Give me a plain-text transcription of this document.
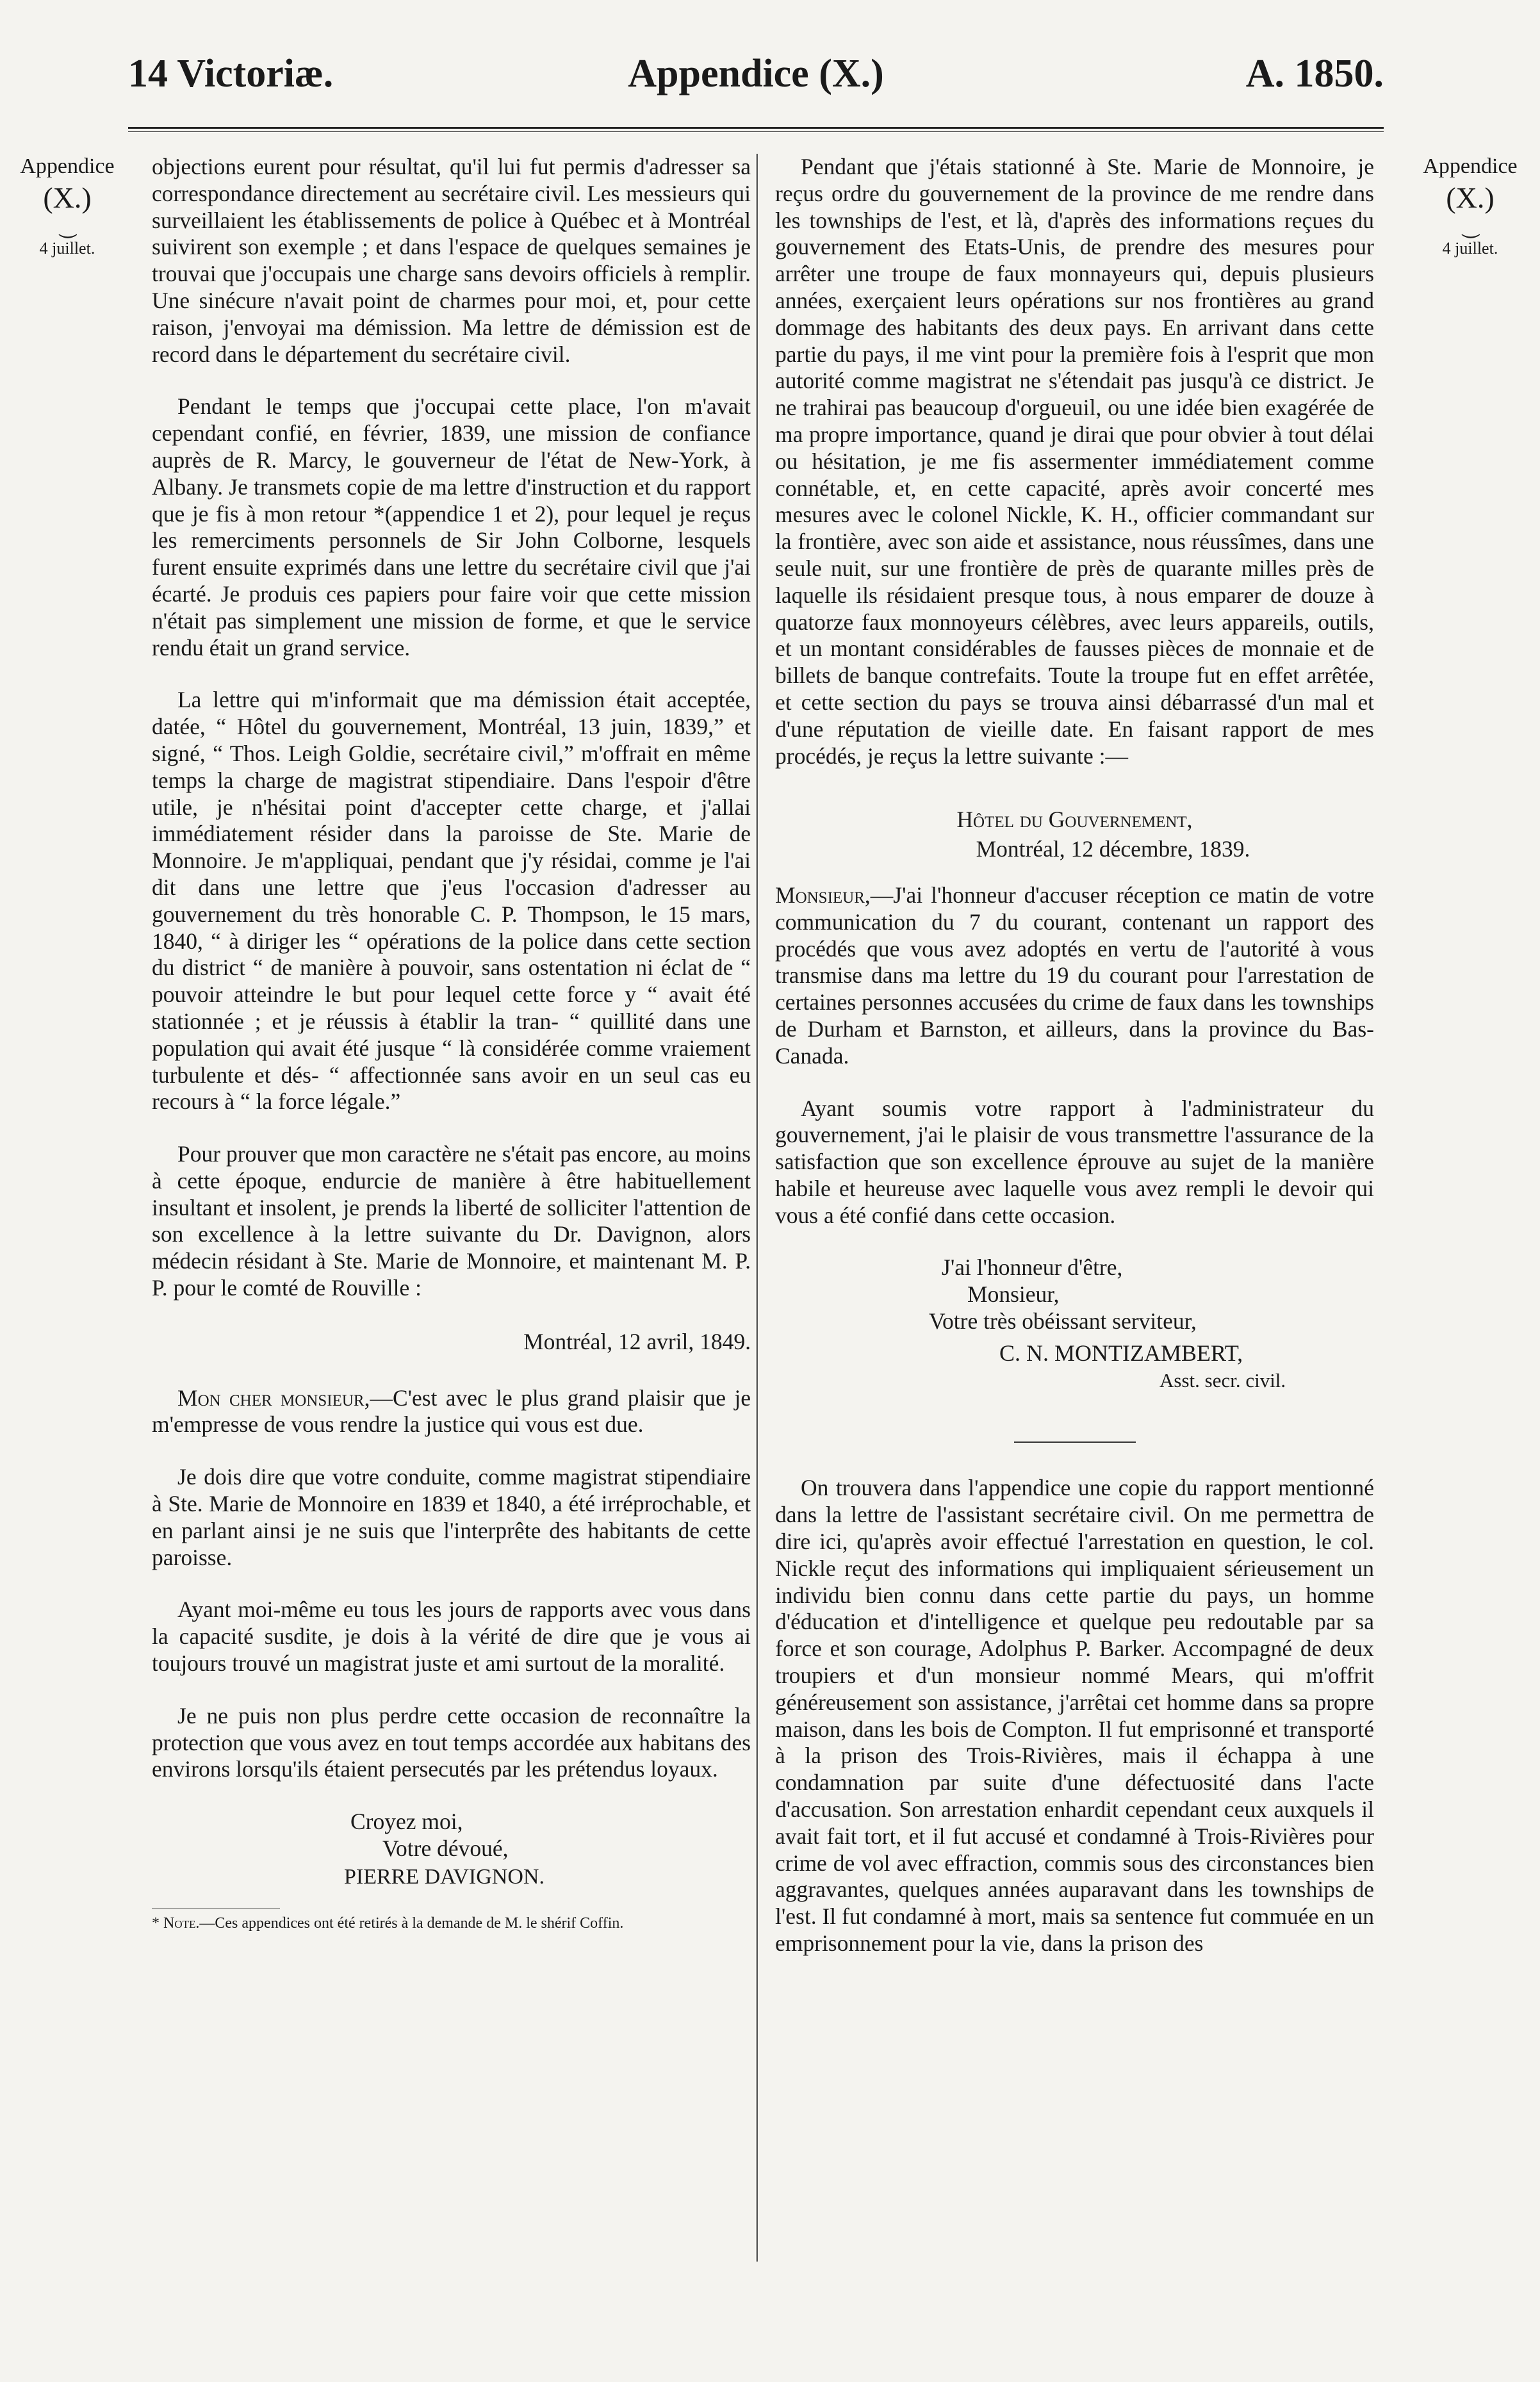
14 Victoriæ.	Appendice (X.)	A. 1850.
Appendice
(X.)
⏝
4 juillet.
Appendice
(X.)
⏝
4 juillet.

objections eurent pour résultat, qu'il lui fut permis d'adresser sa correspondance directement au secrétaire civil. Les messieurs qui surveillaient les établissements de police à Québec et à Montréal suivirent son exemple ; et dans l'espace de quelques semaines je trouvai que j'occupais une charge sans devoirs officiels à remplir. Une sinécure n'avait point de charmes pour moi, et, pour cette raison, j'envoyai ma démission. Ma lettre de démission est de record dans le département du secrétaire civil.

Pendant le temps que j'occupai cette place, l'on m'avait cependant confié, en février, 1839, une mission de confiance auprès de R. Marcy, le gouverneur de l'état de New-York, à Albany. Je transmets copie de ma lettre d'instruction et du rapport que je fis à mon retour *(appendice 1 et 2), pour lequel je reçus les remerciments personnels de Sir John Colborne, lesquels furent ensuite exprimés dans une lettre du secrétaire civil que j'ai écarté. Je produis ces papiers pour faire voir que cette mission n'était pas simplement une mission de forme, et que le service rendu était un grand service.

La lettre qui m'informait que ma démission était acceptée, datée, “ Hôtel du gouvernement, Montréal, 13 juin, 1839,” et signé, “ Thos. Leigh Goldie, secrétaire civil,” m'offrait en même temps la charge de magistrat stipendiaire. Dans l'espoir d'être utile, je n'hésitai point d'accepter cette charge, et j'allai immédiatement résider dans la paroisse de Ste. Marie de Monnoire. Je m'appliquai, pendant que j'y résidai, comme je l'ai dit dans une lettre que j'eus l'occasion d'adresser au gouvernement du très honorable C. P. Thompson, le 15 mars, 1840, “ à diriger les “ opérations de la police dans cette section du district “ de manière à pouvoir, sans ostentation ni éclat de “ pouvoir atteindre le but pour lequel cette force y “ avait été stationnée ; et je réussis à établir la tran- “ quillité dans une population qui avait été jusque “ là considérée comme vraiement turbulente et dés- “ affectionnée sans avoir en un seul cas eu recours à “ la force légale.”

Pour prouver que mon caractère ne s'était pas encore, au moins à cette époque, endurcie de manière à être habituellement insultant et insolent, je prends la liberté de solliciter l'attention de son excellence à la lettre suivante du Dr. Davignon, alors médecin résidant à Ste. Marie de Monnoire, et maintenant M. P. P. pour le comté de Rouville :

Montréal, 12 avril, 1849.

Mon cher monsieur,—C'est avec le plus grand plaisir que je m'empresse de vous rendre la justice qui vous est due.

Je dois dire que votre conduite, comme magistrat stipendiaire à Ste. Marie de Monnoire en 1839 et 1840, a été irréprochable, et en parlant ainsi je ne suis que l'interprête des habitants de cette paroisse.

Ayant moi-même eu tous les jours de rapports avec vous dans la capacité susdite, je dois à la vérité de dire que je vous ai toujours trouvé un magistrat juste et ami surtout de la moralité.

Je ne puis non plus perdre cette occasion de reconnaître la protection que vous avez en tout temps accordée aux habitans des environs lorsqu'ils étaient persecutés par les prétendus loyaux.

Croyez moi,

Votre dévoué,

PIERRE DAVIGNON.

* Note.—Ces appendices ont été retirés à la demande de M. le shérif Coffin.

Pendant que j'étais stationné à Ste. Marie de Monnoire, je reçus ordre du gouvernement de la province de me rendre dans les townships de l'est, et là, d'après des informations reçues du gouvernement des Etats-Unis, de prendre des mesures pour arrêter une troupe de faux monnayeurs qui, depuis plusieurs années, exerçaient leurs opérations sur nos frontières au grand dommage des habitants des deux pays. En arrivant dans cette partie du pays, il me vint pour la première fois à l'esprit que mon autorité comme magistrat ne s'étendait pas jusqu'à ce district. Je ne trahirai pas beaucoup d'orgueuil, ou une idée bien exagérée de ma propre importance, quand je dirai que pour obvier à tout délai ou hésitation, je me fis assermenter immédiatement comme connétable, et, en cette capacité, après avoir concerté mes mesures avec le colonel Nickle, K. H., officier commandant sur la frontière, avec son aide et assistance, nous réussîmes, dans une seule nuit, sur une frontière de près de quarante milles près de laquelle ils résidaient presque tous, à nous emparer de douze à quatorze faux monnoyeurs célèbres, avec leurs appareils, outils, et un montant considérables de fausses pièces de monnaie et de billets de banque contrefaits. Toute la troupe fut en effet arrêtée, et cette section du pays se trouva ainsi débarrassé d'un mal et d'une réputation de vieille date. En faisant rapport de mes procédés, je reçus la lettre suivante :—

Hôtel du Gouvernement,

Montréal, 12 décembre, 1839.

Monsieur,—J'ai l'honneur d'accuser réception ce matin de votre communication du 7 du courant, contenant un rapport des procédés que vous avez adoptés en vertu de l'autorité à vous transmise dans ma lettre du 19 du courant pour l'arrestation de certaines personnes accusées du crime de faux dans les townships de Durham et Barnston, et ailleurs, dans la province du Bas-Canada.

Ayant soumis votre rapport à l'administrateur du gouvernement, j'ai le plaisir de vous transmettre l'assurance de la satisfaction que son excellence éprouve au sujet de la manière habile et heureuse avec laquelle vous avez rempli le devoir qui vous a été confié dans cette occasion.

J'ai l'honneur d'être,

Monsieur,

Votre très obéissant serviteur,

C. N. MONTIZAMBERT,

Asst. secr. civil.

On trouvera dans l'appendice une copie du rapport mentionné dans la lettre de l'assistant secrétaire civil. On me permettra de dire ici, qu'après avoir effectué l'arrestation en question, le col. Nickle reçut des informations qui impliquaient sérieusement un individu bien connu dans cette partie du pays, un homme d'éducation et d'intelligence et quelque peu redoutable par sa force et son courage, Adolphus P. Barker. Accompagné de deux troupiers et d'un monsieur nommé Mears, qui m'offrit généreusement son assistance, j'arrêtai cet homme dans sa propre maison, dans les bois de Compton. Il fut emprisonné et transporté à la prison des Trois-Rivières, mais il échappa à une condamnation par suite d'une défectuosité dans l'acte d'accusation. Son arrestation enhardit cependant ceux auxquels il avait fait tort, et il fut accusé et condamné à Trois-Rivières pour crime de vol avec effraction, commis sous des circonstances bien aggravantes, quelques années auparavant dans les townships de l'est. Il fut condamné à mort, mais sa sentence fut commuée en un emprisonnement pour la vie, dans la prison des
